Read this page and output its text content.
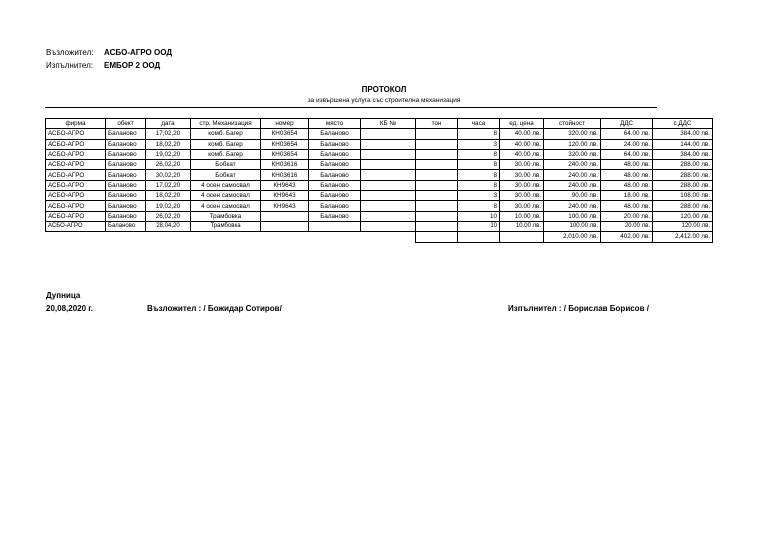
Възложител: АСБО-АГРО ООД
Изпълнител: ЕМБОР 2 ООД
ПРОТОКОЛ
за извършена услуга със строителна механизация
фирма	обект	дата	стр. Механизация	номер	място	КБ №	тон	часа	ед. цена	стойност	ДДС	с ДДС
АСБО-АГРО	Баланово	17,02,20	комб. Багер	КН03654	Баланово			8	40.00 лв.	320.00 лв.	64.00 лв.	384.00 лв.
АСБО-АГРО	Баланово	18,02,20	комб. Багер	КН03654	Баланово			3	40.00 лв.	120.00 лв.	24.00 лв.	144.00 лв.
АСБО-АГРО	Баланово	19,02,20	комб. Багер	КН03654	Баланово			8	40.00 лв.	320.00 лв.	64.00 лв.	384.00 лв.
АСБО-АГРО	Баланово	26,02,20	Бобкат	КН03616	Баланово			8	30.00 лв.	240.00 лв.	48.00 лв.	288.00 лв.
АСБО-АГРО	Баланово	30,02,20	Бобкат	КН03616	Баланово			8	30.00 лв.	240.00 лв.	48.00 лв.	288.00 лв.
АСБО-АГРО	Баланово	17,02,20	4 осен самосвал	КН9643	Баланово			8	30.00 лв.	240.00 лв.	48.00 лв.	288.00 лв.
АСБО-АГРО	Баланово	18,02,20	4 осен самосвал	КН9643	Баланово			3	30.00 лв.	90.00 лв.	18.00 лв.	108.00 лв.
АСБО-АГРО	Баланово	19,02,20	4 осен самосвал	КН9643	Баланово			8	30.00 лв.	240.00 лв.	48.00 лв.	288.00 лв.
АСБО-АГРО	Баланово	26,02,20	Трамбовка		Баланово			10	10.00 лв.	100.00 лв.	20.00 лв.	120.00 лв.
АСБО-АГРО	Баланово	28,04,20	Трамбовка					10	10.00 лв.	100.00 лв.	20.00 лв.	120.00 лв.
										2,010.00 лв.	402.00 лв.	2,412.00 лв.
Дупница
20,08,2020 г.	Възложител : / Божидар Сотиров/	Изпълнител : / Борислав Борисов /
